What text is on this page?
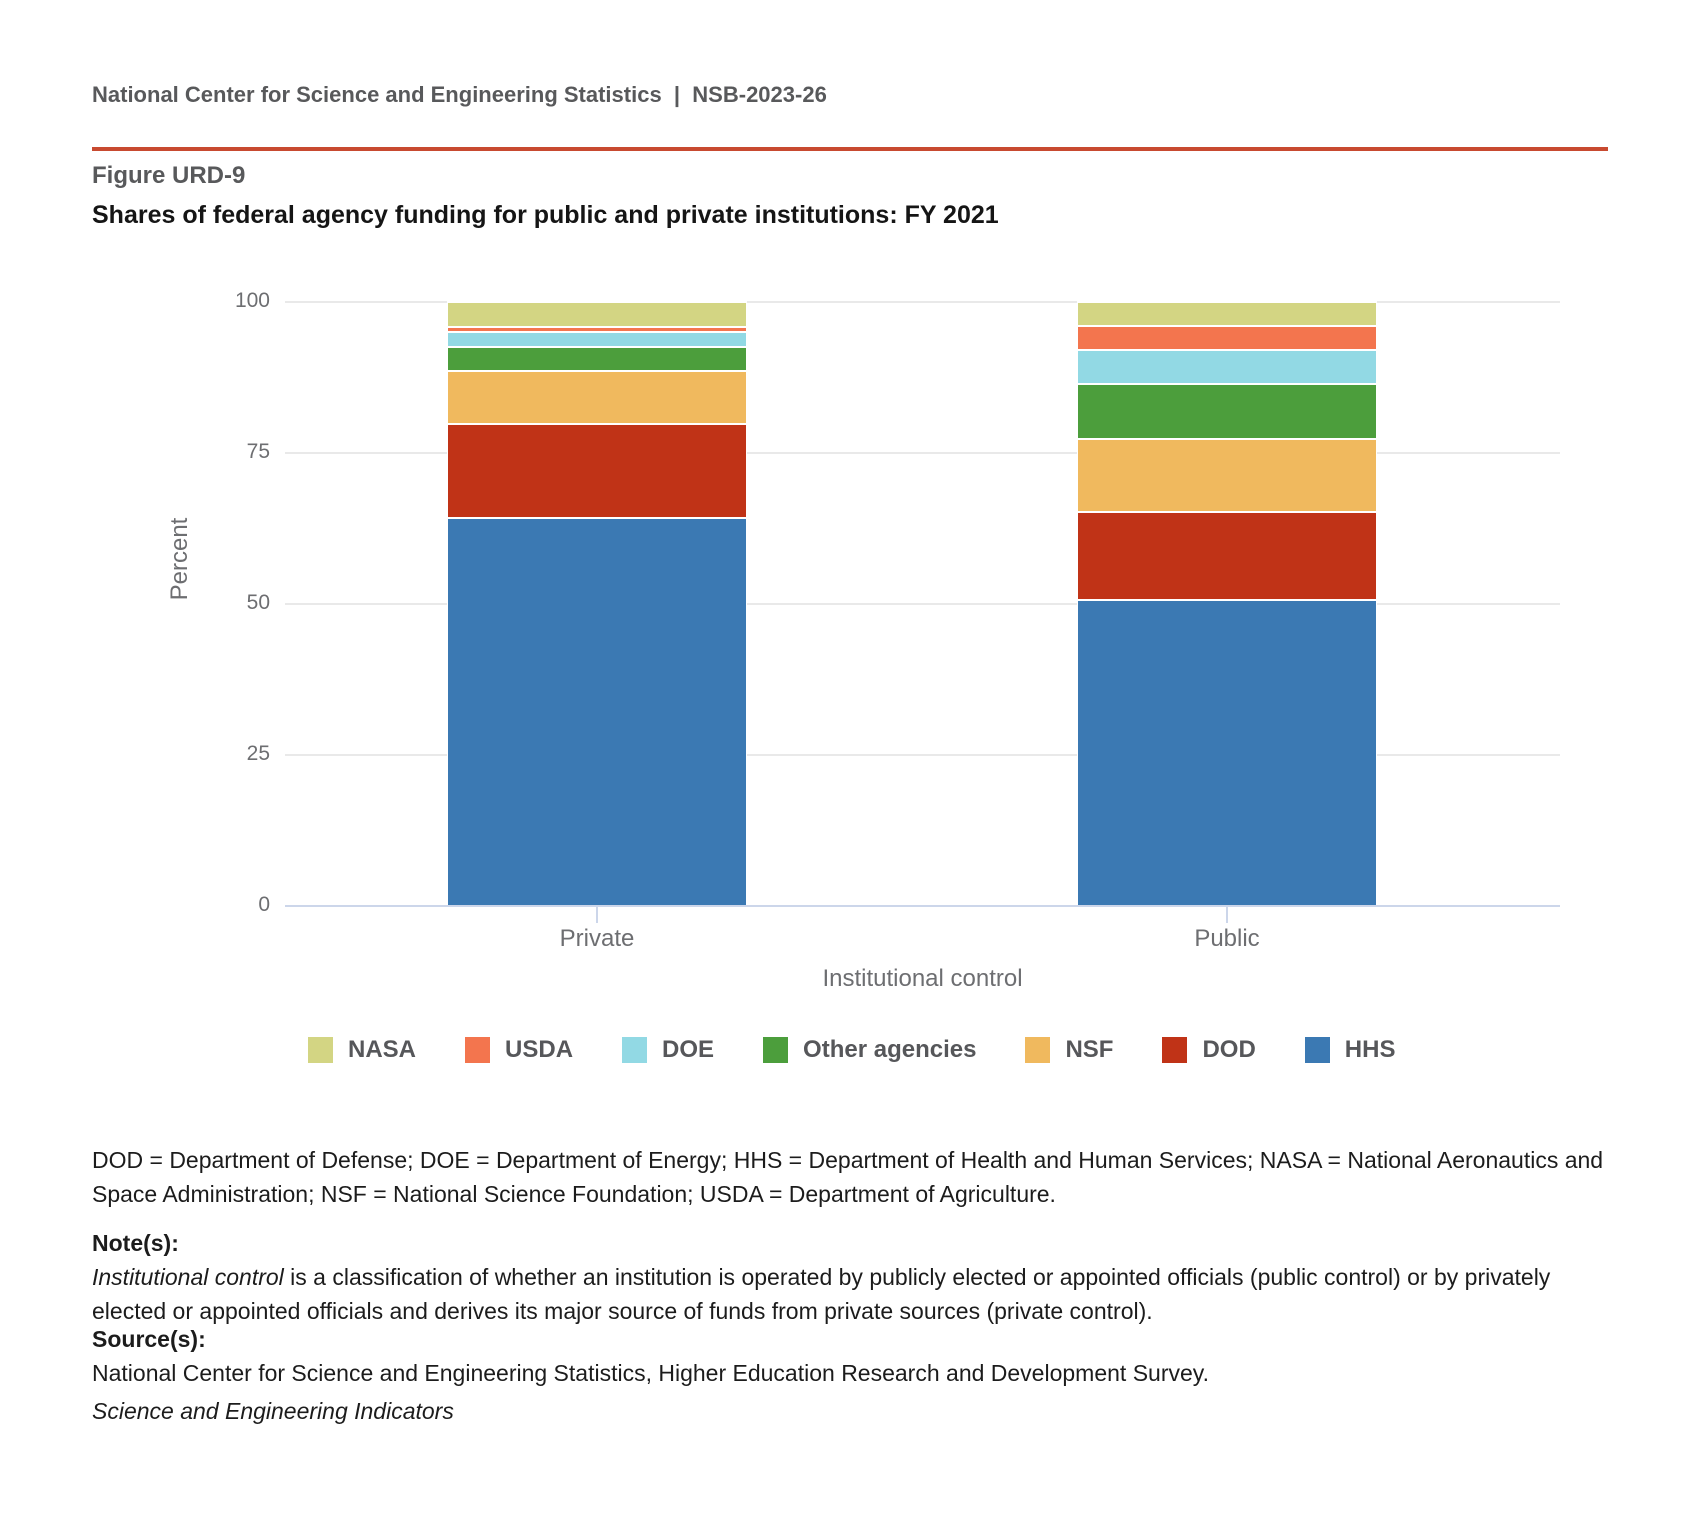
National Center for Science and Engineering Statistics  |  NSB-2023-26
Figure URD-9
Shares of federal agency funding for public and private institutions: FY 2021
Percent
0
25
50
75
100
Private	Public
Institutional control
NASA	USDA	DOE	Other agencies	NSF	DOD	HHS
DOD = Department of Defense; DOE = Department of Energy; HHS = Department of Health and Human Services; NASA = National Aeronautics and Space Administration; NSF = National Science Foundation; USDA = Department of Agriculture.
Note(s):
Institutional control is a classification of whether an institution is operated by publicly elected or appointed officials (public control) or by privately elected or appointed officials and derives its major source of funds from private sources (private control).
Source(s):
National Center for Science and Engineering Statistics, Higher Education Research and Development Survey.
Science and Engineering Indicators
